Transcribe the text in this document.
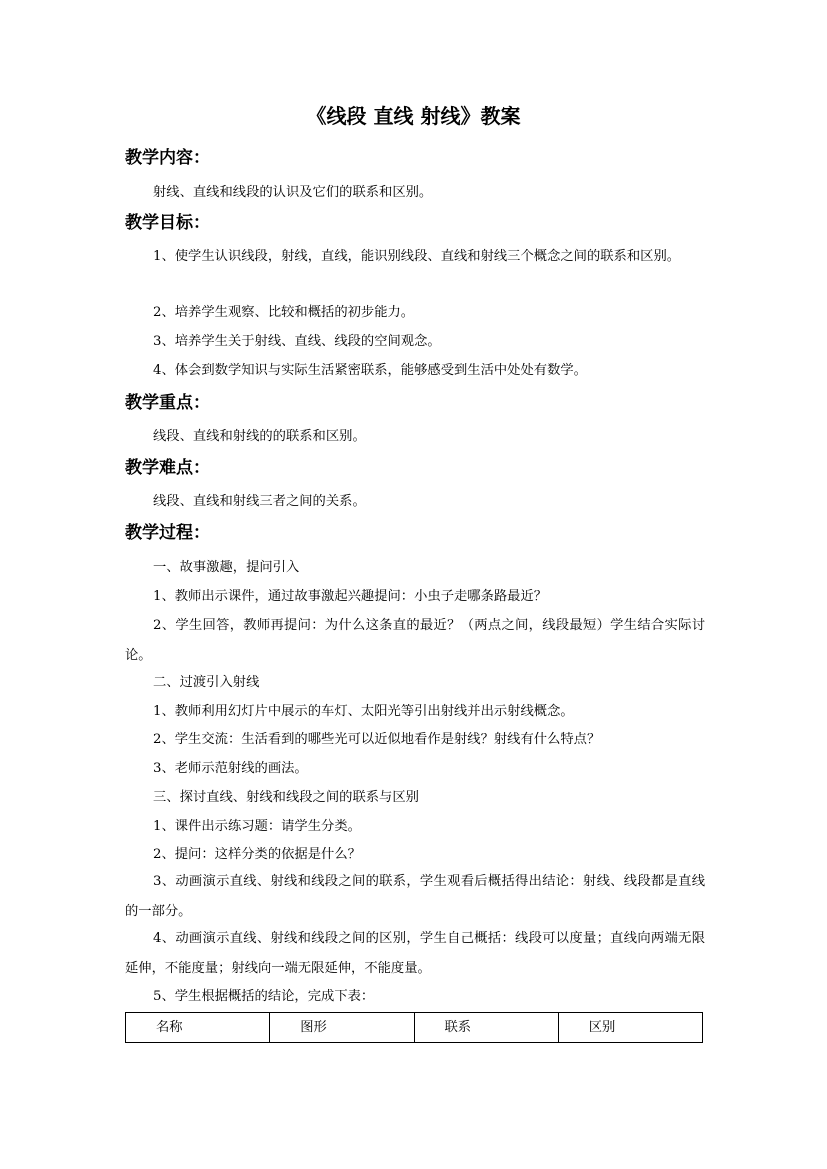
《线段 直线 射线》教案
教学内容：
射线、直线和线段的认识及它们的联系和区别。
教学目标：
1、使学生认识线段，射线，直线，能识别线段、直线和射线三个概念之间的联系和区别。
2、培养学生观察、比较和概括的初步能力。
3、培养学生关于射线、直线、线段的空间观念。
4、体会到数学知识与实际生活紧密联系，能够感受到生活中处处有数学。
教学重点：
线段、直线和射线的的联系和区别。
教学难点：
线段、直线和射线三者之间的关系。
教学过程：
一、故事激趣，提问引入
1、教师出示课件，通过故事激起兴趣提问：小虫子走哪条路最近？
2、学生回答，教师再提问：为什么这条直的最近？（两点之间，线段最短）学生结合实际讨论。
二、过渡引入射线
1、教师利用幻灯片中展示的车灯、太阳光等引出射线并出示射线概念。
2、学生交流：生活看到的哪些光可以近似地看作是射线？射线有什么特点？
3、老师示范射线的画法。
三、探讨直线、射线和线段之间的联系与区别
1、课件出示练习题：请学生分类。
2、提问：这样分类的依据是什么？
3、动画演示直线、射线和线段之间的联系，学生观看后概括得出结论：射线、线段都是直线的一部分。
4、动画演示直线、射线和线段之间的区别，学生自己概括：线段可以度量；直线向两端无限延伸，不能度量；射线向一端无限延伸，不能度量。
5、学生根据概括的结论，完成下表：
名称	图形	联系	区别
